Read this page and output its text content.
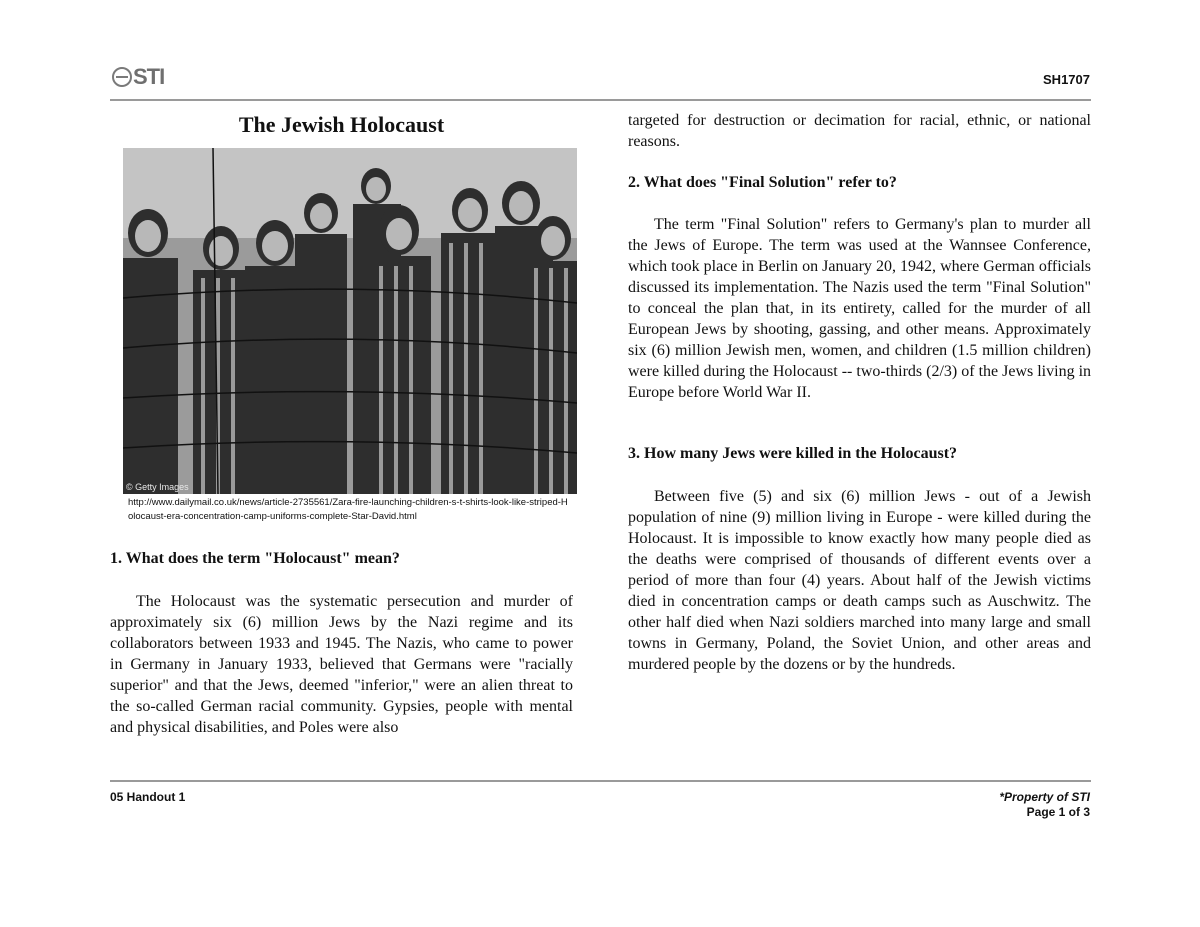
STI	SH1707
The Jewish Holocaust
© Getty Images
http://www.dailymail.co.uk/news/article-2735561/Zara-fire-launching-children-s-t-shirts-look-like-striped-Holocaust-era-concentration-camp-uniforms-complete-Star-David.html
1. What does the term "Holocaust" mean?
The Holocaust was the systematic persecution and murder of approximately six (6) million Jews by the Nazi regime and its collaborators between 1933 and 1945. The Nazis, who came to power in Germany in January 1933, believed that Germans were "racially superior" and that the Jews, deemed "inferior," were an alien threat to the so-called German racial community. Gypsies, people with mental and physical disabilities, and Poles were also
targeted for destruction or decimation for racial, ethnic, or national reasons.
2. What does "Final Solution" refer to?
The term "Final Solution" refers to Germany's plan to murder all the Jews of Europe. The term was used at the Wannsee Conference, which took place in Berlin on January 20, 1942, where German officials discussed its implementation. The Nazis used the term "Final Solution" to conceal the plan that, in its entirety, called for the murder of all European Jews by shooting, gassing, and other means. Approximately six (6) million Jewish men, women, and children (1.5 million children) were killed during the Holocaust -- two-thirds (2/3) of the Jews living in Europe before World War II.
3. How many Jews were killed in the Holocaust?
Between five (5) and six (6) million Jews - out of a Jewish population of nine (9) million living in Europe - were killed during the Holocaust. It is impossible to know exactly how many people died as the deaths were comprised of thousands of different events over a period of more than four (4) years. About half of the Jewish victims died in concentration camps or death camps such as Auschwitz. The other half died when Nazi soldiers marched into many large and small towns in Germany, Poland, the Soviet Union, and other areas and murdered people by the dozens or by the hundreds.
05 Handout 1	*Property of STI
Page 1 of 3
